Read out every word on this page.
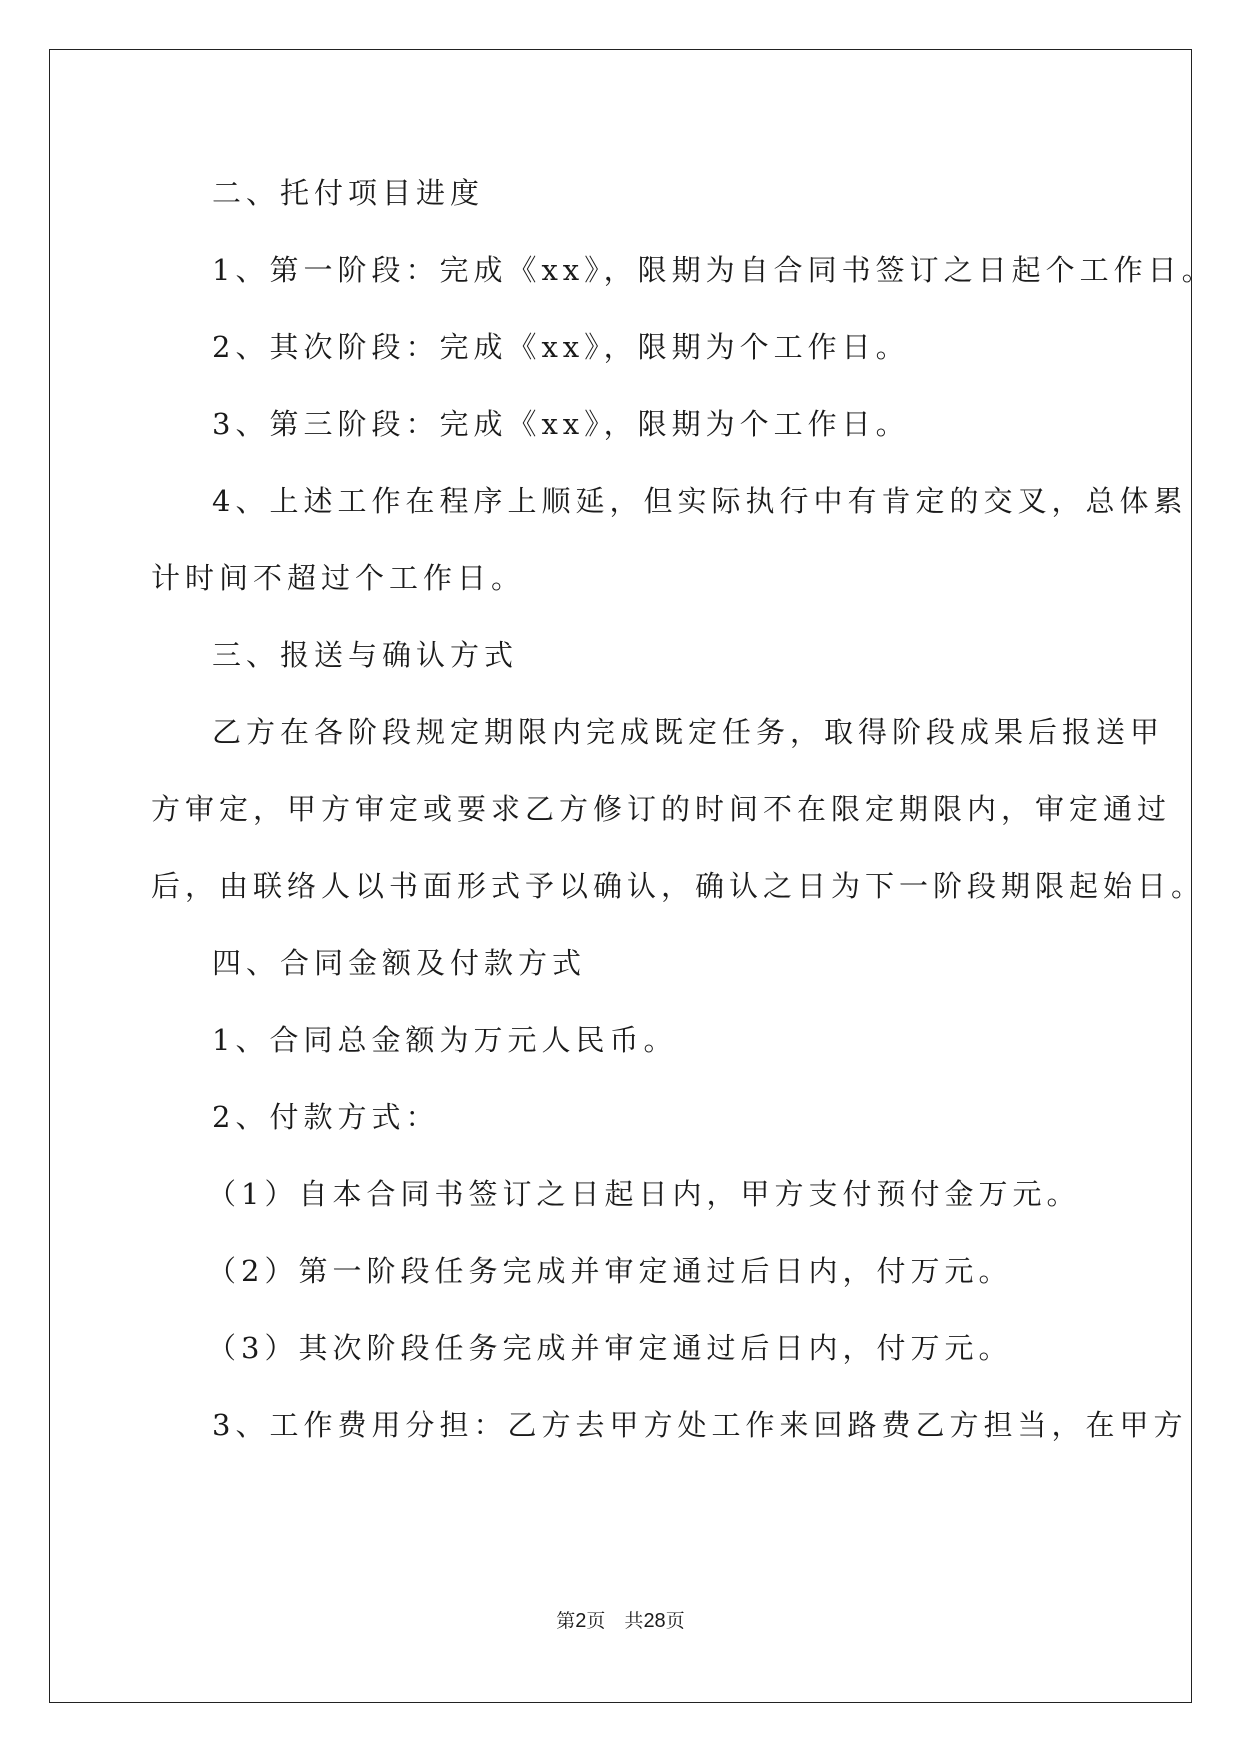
二、托付项目进度
1、第一阶段：完成《xx》，限期为自合同书签订之日起个工作日。
2、其次阶段：完成《xx》，限期为个工作日。
3、第三阶段：完成《xx》，限期为个工作日。
4、上述工作在程序上顺延，但实际执行中有肯定的交叉，总体累
计时间不超过个工作日。
三、报送与确认方式
乙方在各阶段规定期限内完成既定任务，取得阶段成果后报送甲
方审定，甲方审定或要求乙方修订的时间不在限定期限内，审定通过
后，由联络人以书面形式予以确认，确认之日为下一阶段期限起始日。
四、合同金额及付款方式
1、合同总金额为万元人民币。
2、付款方式：
（1）自本合同书签订之日起日内，甲方支付预付金万元。
（2）第一阶段任务完成并审定通过后日内，付万元。
（3）其次阶段任务完成并审定通过后日内，付万元。
3、工作费用分担：乙方去甲方处工作来回路费乙方担当，在甲方
第2页　共28页
